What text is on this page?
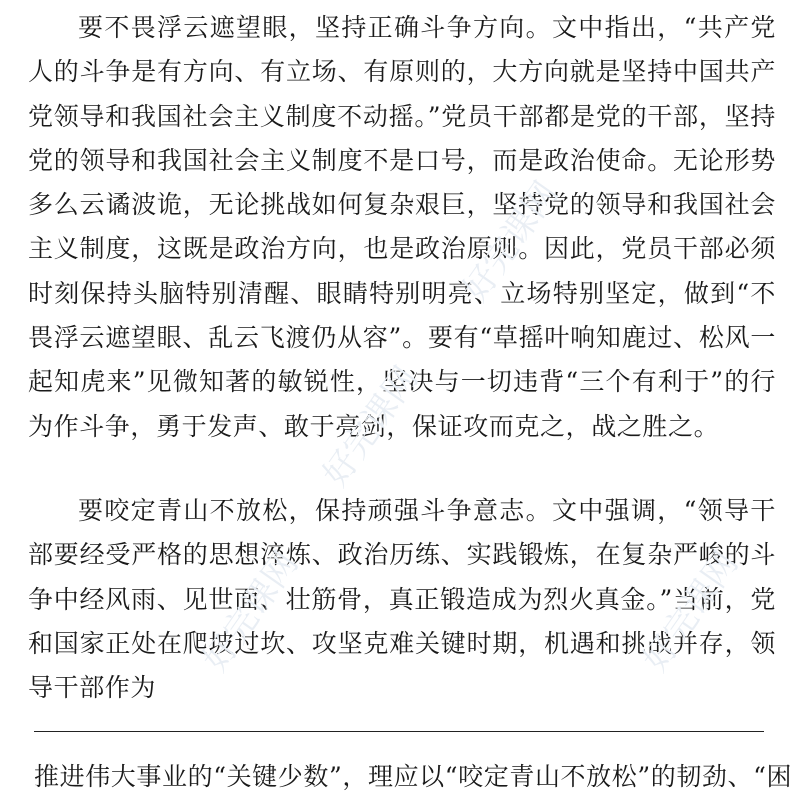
要不畏浮云遮望眼，坚持正确斗争方向。文中指出，“共产党人的斗争是有方向、有立场、有原则的，大方向就是坚持中国共产党领导和我国社会主义制度不动摇。”党员干部都是党的干部，坚持党的领导和我国社会主义制度不是口号，而是政治使命。无论形势多么云谲波诡，无论挑战如何复杂艰巨，坚持党的领导和我国社会主义制度，这既是政治方向，也是政治原则。因此，党员干部必须时刻保持头脑特别清醒、眼睛特别明亮、立场特别坚定，做到“不畏浮云遮望眼、乱云飞渡仍从容”。要有“草摇叶响知鹿过、松风一起知虎来”见微知著的敏锐性，坚决与一切违背“三个有利于”的行为作斗争，勇于发声、敢于亮剑，保证攻而克之，战之胜之。

要咬定青山不放松，保持顽强斗争意志。文中强调，“领导干部要经受严格的思想淬炼、政治历练、实践锻炼，在复杂严峻的斗争中经风雨、见世面、壮筋骨，真正锻造成为烈火真金。”当前，党和国家正处在爬坡过坎、攻坚克难关键时期，机遇和挑战并存，领导干部作为

推进伟大事业的“关键少数”，理应以“咬定青山不放松”的韧劲、“困

好完课网
好完课网
好完课网	好完课网
